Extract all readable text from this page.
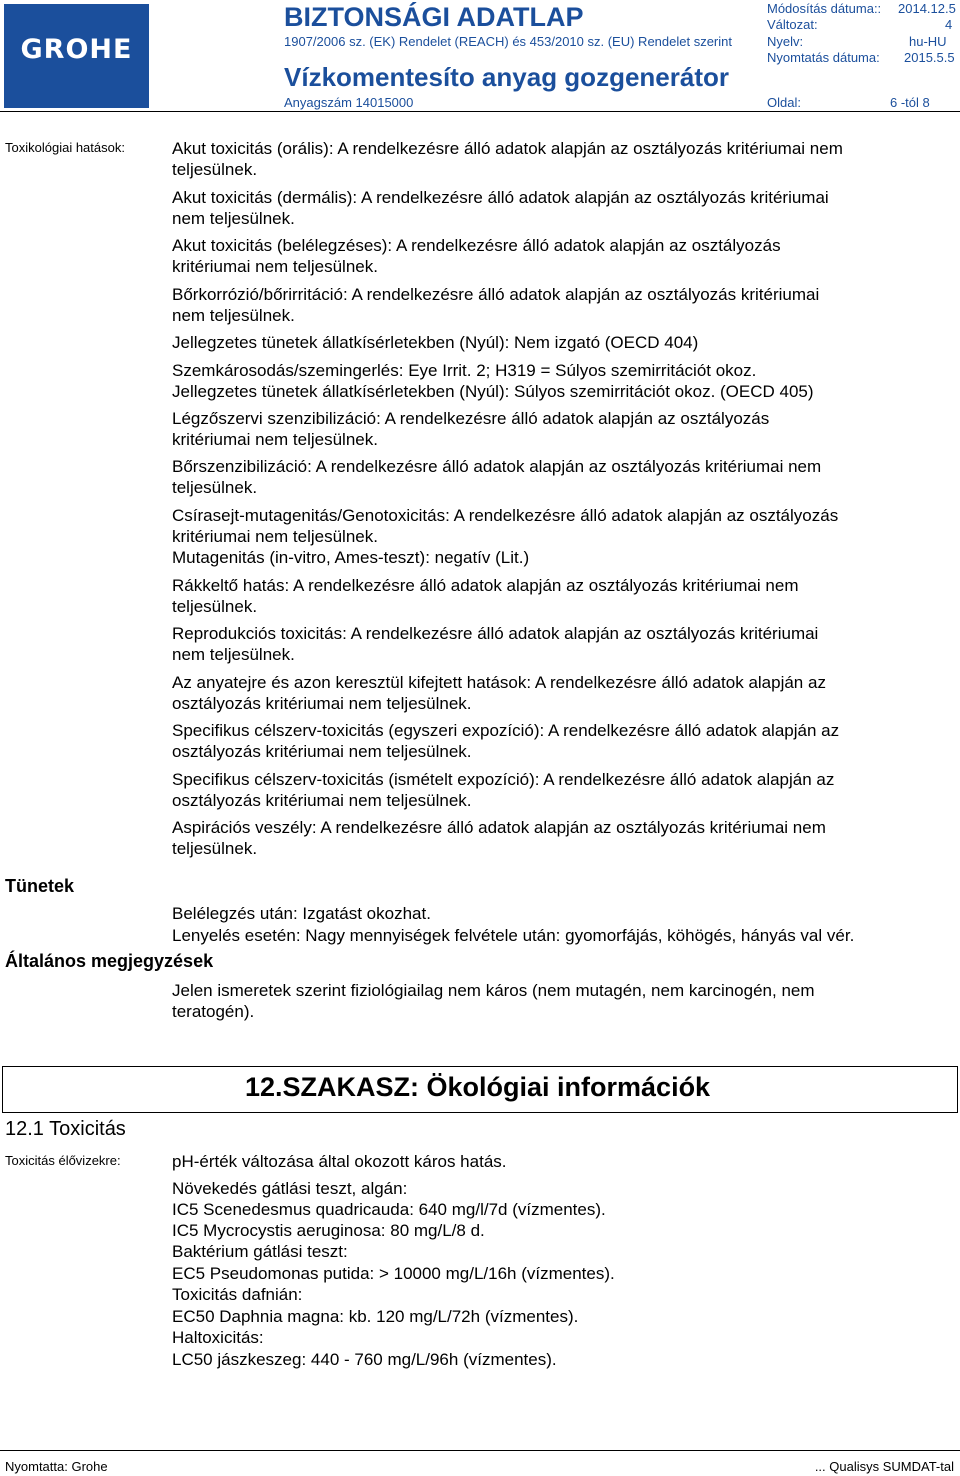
GROHE
BIZTONSÁGI ADATLAP
1907/2006 sz. (EK) Rendelet (REACH) és 453/2010 sz. (EU) Rendelet szerint
Vízkomentesíto anyag gozgenerátor
Anyagszám 14015000
Módosítás dátuma:: 2014.12.5
Változat:	4
Nyelv:	hu-HU
Nyomtatás dátuma: 2015.5.5
Oldal:	6 -tól 8
Toxikológiai hatások:	Akut toxicitás (orális): A rendelkezésre álló adatok alapján az osztályozás kritériumai nem
teljesülnek.
Akut toxicitás (dermális): A rendelkezésre álló adatok alapján az osztályozás kritériumai
nem teljesülnek.
Akut toxicitás (belélegzéses): A rendelkezésre álló adatok alapján az osztályozás
kritériumai nem teljesülnek.
Bőrkorrózió/bőrirritáció: A rendelkezésre álló adatok alapján az osztályozás kritériumai
nem teljesülnek.
Jellegzetes tünetek állatkísérletekben (Nyúl): Nem izgató (OECD 404)
Szemkárosodás/szemingerlés: Eye Irrit. 2; H319 = Súlyos szemirritációt okoz.
Jellegzetes tünetek állatkísérletekben (Nyúl): Súlyos szemirritációt okoz. (OECD 405)
Légzőszervi szenzibilizáció: A rendelkezésre álló adatok alapján az osztályozás
kritériumai nem teljesülnek.
Bőrszenzibilizáció: A rendelkezésre álló adatok alapján az osztályozás kritériumai nem
teljesülnek.
Csírasejt-mutagenitás/Genotoxicitás: A rendelkezésre álló adatok alapján az osztályozás
kritériumai nem teljesülnek.
Mutagenitás (in-vitro, Ames-teszt): negatív (Lit.)
Rákkeltő hatás: A rendelkezésre álló adatok alapján az osztályozás kritériumai nem
teljesülnek.
Reprodukciós toxicitás: A rendelkezésre álló adatok alapján az osztályozás kritériumai
nem teljesülnek.
Az anyatejre és azon keresztül kifejtett hatások: A rendelkezésre álló adatok alapján az
osztályozás kritériumai nem teljesülnek.
Specifikus célszerv-toxicitás (egyszeri expozíció): A rendelkezésre álló adatok alapján az
osztályozás kritériumai nem teljesülnek.
Specifikus célszerv-toxicitás (ismételt expozíció): A rendelkezésre álló adatok alapján az
osztályozás kritériumai nem teljesülnek.
Aspirációs veszély: A rendelkezésre álló adatok alapján az osztályozás kritériumai nem
teljesülnek.
Tünetek
Belélegzés után: Izgatást okozhat.
Lenyelés esetén: Nagy mennyiségek felvétele után: gyomorfájás, köhögés, hányás val vér.
Általános megjegyzések
Jelen ismeretek szerint fiziológiailag nem káros (nem mutagén, nem karcinogén, nem
teratogén).
12.SZAKASZ: Ökológiai információk
12.1 Toxicitás
Toxicitás élővizekre:	pH-érték változása által okozott káros hatás.
Növekedés gátlási teszt, algán:
IC5 Scenedesmus quadricauda: 640 mg/l/7d (vízmentes).
IC5 Mycrocystis aeruginosa: 80 mg/L/8 d.
Baktérium gátlási teszt:
EC5 Pseudomonas putida: > 10000 mg/L/16h (vízmentes).
Toxicitás dafnián:
EC50 Daphnia magna: kb. 120 mg/L/72h (vízmentes).
Haltoxicitás:
LC50 jászkeszeg: 440 - 760 mg/L/96h (vízmentes).
Nyomtatta: Grohe	... Qualisys SUMDAT-tal
